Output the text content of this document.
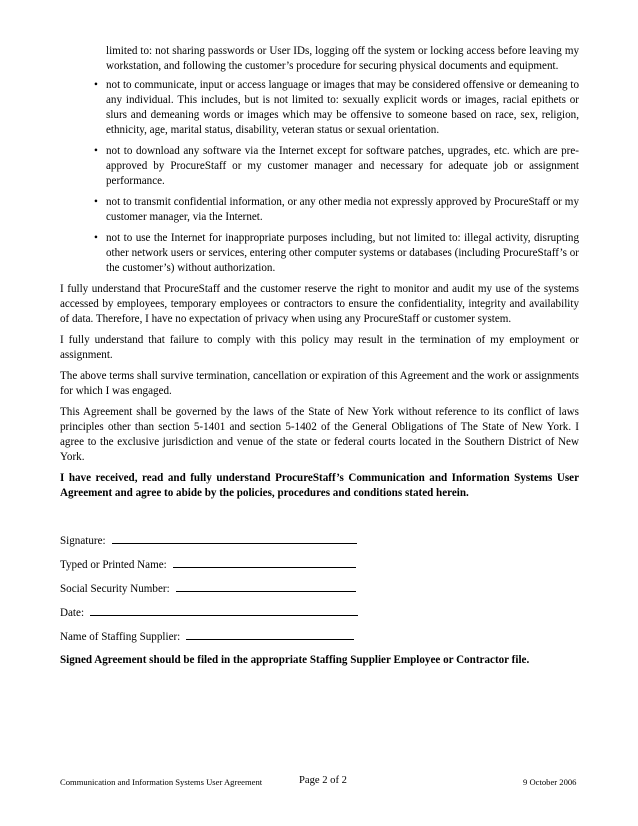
limited to: not sharing passwords or User IDs, logging off the system or locking access before leaving my workstation, and following the customer’s procedure for securing physical documents and equipment.
• not to communicate, input or access language or images that may be considered offensive or demeaning to any individual. This includes, but is not limited to: sexually explicit words or images, racial epithets or slurs and demeaning words or images which may be offensive to someone based on race, sex, religion, ethnicity, age, marital status, disability, veteran status or sexual orientation.
• not to download any software via the Internet except for software patches, upgrades, etc. which are pre-approved by ProcureStaff or my customer manager and necessary for adequate job or assignment performance.
• not to transmit confidential information, or any other media not expressly approved by ProcureStaff or my customer manager, via the Internet.
• not to use the Internet for inappropriate purposes including, but not limited to: illegal activity, disrupting other network users or services, entering other computer systems or databases (including ProcureStaff’s or the customer’s) without authorization.

I fully understand that ProcureStaff and the customer reserve the right to monitor and audit my use of the systems accessed by employees, temporary employees or contractors to ensure the confidentiality, integrity and availability of data. Therefore, I have no expectation of privacy when using any ProcureStaff or customer system.

I fully understand that failure to comply with this policy may result in the termination of my employment or assignment.

The above terms shall survive termination, cancellation or expiration of this Agreement and the work or assignments for which I was engaged.

This Agreement shall be governed by the laws of the State of New York without reference to its conflict of laws principles other than section 5-1401 and section 5-1402 of the General Obligations of The State of New York. I agree to the exclusive jurisdiction and venue of the state or federal courts located in the Southern District of New York.

I have received, read and fully understand ProcureStaff’s Communication and Information Systems User Agreement and agree to abide by the policies, procedures and conditions stated herein.

Signature:
Typed or Printed Name:
Social Security Number:
Date:
Name of Staffing Supplier:
Signed Agreement should be filed in the appropriate Staffing Supplier Employee or Contractor file.
Communication and Information Systems User Agreement	Page 2 of 2	9 October 2006
